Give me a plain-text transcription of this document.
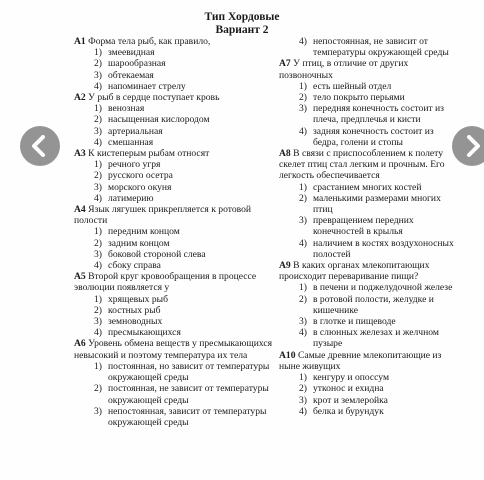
Тип Хордовые
Вариант 2

A1 Форма тела рыб, как правило,

1) змеевидная
2) шарообразная
3) обтекаемая
4) напоминает стрелу

A2 У рыб в сердце поступает кровь

1) венозная
2) насыщенная кислородом
3) артериальная
4) смешанная

A3 К кистеперым рыбам относят

1) речного угря
2) русского осетра
3) морского окуня
4) латимерию

A4 Язык лягушек прикрепляется к ротовой полости

1) передним концом
2) задним концом
3) боковой стороной слева
4) сбоку справа

A5 Второй круг кровообращения в процессе эволюции появляется у

1) хрящевых рыб
2) костных рыб
3) земноводных
4) пресмыкающихся

A6 Уровень обмена веществ у пресмыкающихся невысокий и поэтому температура их тела

1) постоянная, но зависит от температуры окружающей среды
2) постоянная, не зависит от температуры окружающей среды
3) непостоянная, зависит от температуры окружающей среды
4) непостоянная, не зависит от температуры окружающей среды

A7 У птиц, в отличие от других позвоночных

1) есть шейный отдел
2) тело покрыто перьями
3) передняя конечность состоит из плеча, предплечья и кисти
4) задняя конечность состоит из бедра, голени и стопы

A8 В связи с приспособлением к полету скелет птиц стал легким и прочным. Его легкость обеспечивается

1) срастанием многих костей
2) маленькими размерами многих птиц
3) превращением передних конечностей в крылья
4) наличием в костях воздухоносных полостей

A9 В каких органах млекопитающих происходит переваривание пищи?

1) в печени и поджелудочной железе
2) в ротовой полости, желудке и кишечнике
3) в глотке и пищеводе
4) в слюнных железах и желчном пузыре

A10 Самые древние млекопитающие из ныне живущих

1) кенгуру и опоссум
2) утконос и ехидна
3) крот и землеройка
4) белка и бурундук
